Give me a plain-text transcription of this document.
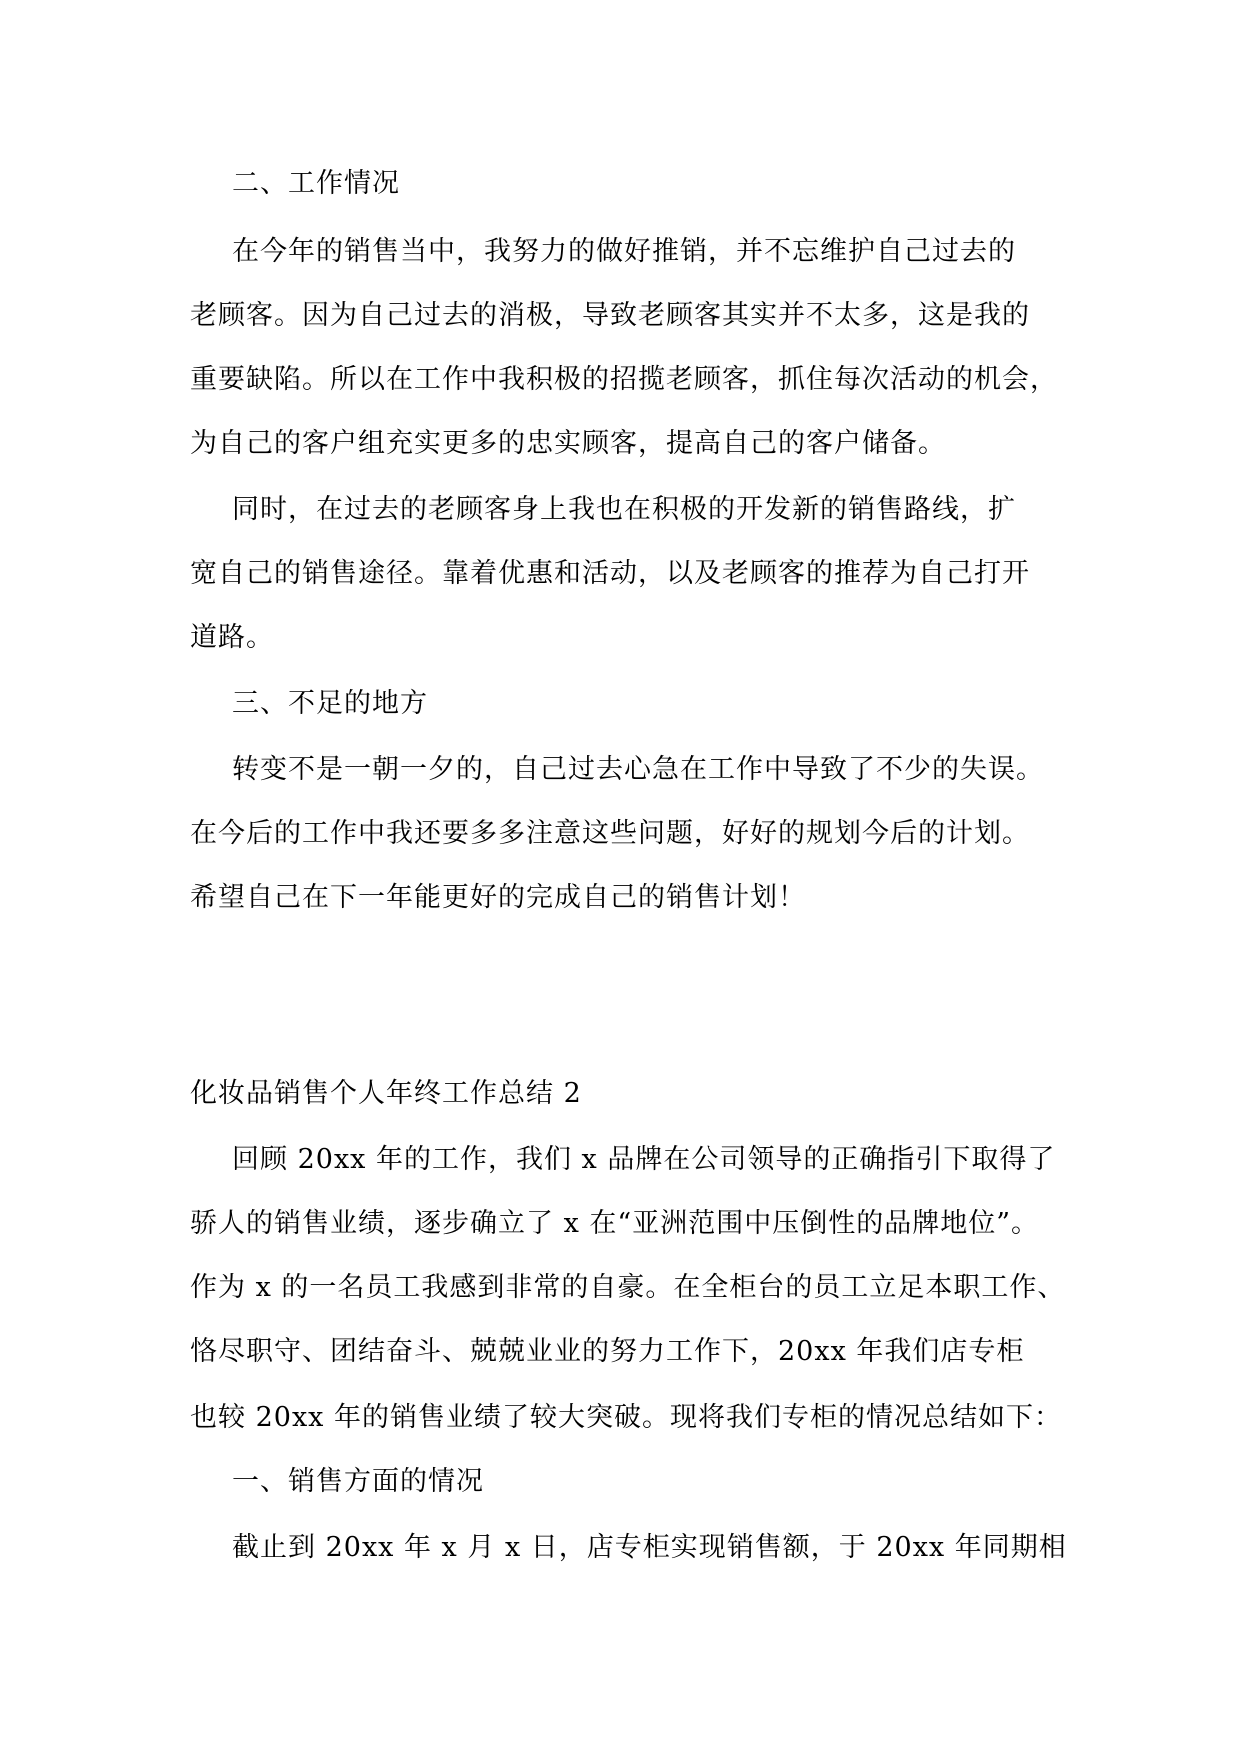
二、工作情况
在今年的销售当中，我努力的做好推销，并不忘维护自己过去的
老顾客。因为自己过去的消极，导致老顾客其实并不太多，这是我的
重要缺陷。所以在工作中我积极的招揽老顾客，抓住每次活动的机会，
为自己的客户组充实更多的忠实顾客，提高自己的客户储备。
同时，在过去的老顾客身上我也在积极的开发新的销售路线，扩
宽自己的销售途径。靠着优惠和活动，以及老顾客的推荐为自己打开
道路。
三、不足的地方
转变不是一朝一夕的，自己过去心急在工作中导致了不少的失误。
在今后的工作中我还要多多注意这些问题，好好的规划今后的计划。
希望自己在下一年能更好的完成自己的销售计划！
化妆品销售个人年终工作总结 2
回顾 20xx 年的工作，我们 x 品牌在公司领导的正确指引下取得了
骄人的销售业绩，逐步确立了 x 在“亚洲范围中压倒性的品牌地位”。
作为 x 的一名员工我感到非常的自豪。在全柜台的员工立足本职工作、
恪尽职守、团结奋斗、兢兢业业的努力工作下，20xx 年我们店专柜
也较 20xx 年的销售业绩了较大突破。现将我们专柜的情况总结如下：
一、销售方面的情况
截止到 20xx 年 x 月 x 日，店专柜实现销售额，于 20xx 年同期相
